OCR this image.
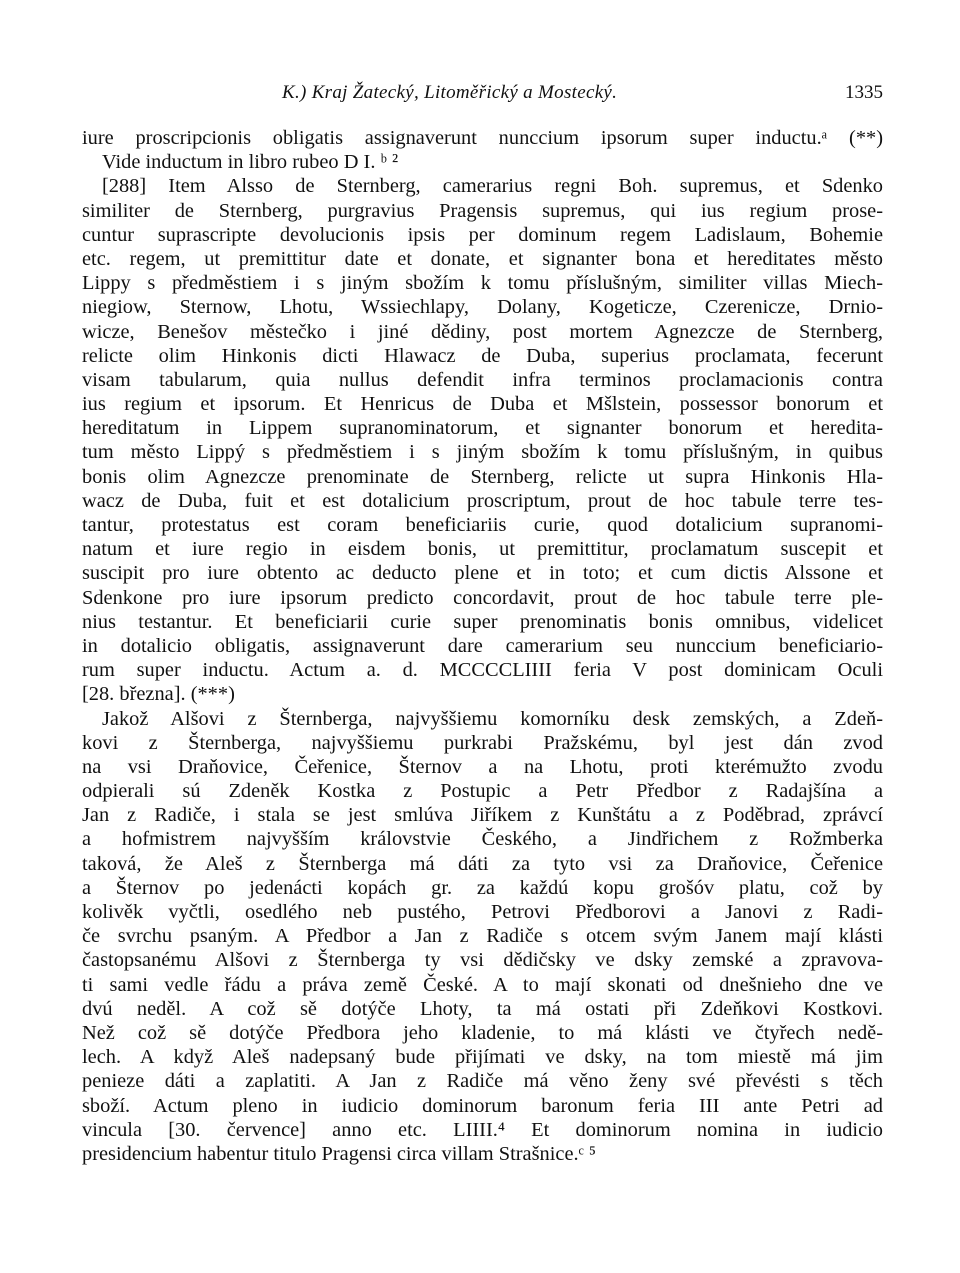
K.) Kraj Žatecký, Litoměřický a Mostecký.	1335
iure proscripcionis obligatis assignaverunt nunccium ipsorum super inductu.ᵃ (**)
Vide inductum in libro rubeo D I. ᵇ ²
[288] Item Alsso de Sternberg, camerarius regni Boh. supremus, et Sdenko
similiter de Sternberg, purgravius Pragensis supremus, qui ius regium prose-
cuntur suprascripte devolucionis ipsis per dominum regem Ladislaum, Bohemie
etc. regem, ut premittitur date et donate, et signanter bona et hereditates město
Lippy s předměstiem i s jiným sbožím k tomu příslušným, similiter villas Miech-
niegiow, Sternow, Lhotu, Wssiechlapy, Dolany, Kogeticze, Czerenicze, Drnio-
wicze, Benešov městečko i jiné dědiny, post mortem Agnezcze de Sternberg,
relicte olim Hinkonis dicti Hlawacz de Duba, superius proclamata, fecerunt
visam tabularum, quia nullus defendit infra terminos proclamacionis contra
ius regium et ipsorum. Et Henricus de Duba et Mšlstein, possessor bonorum et
hereditatum in Lippem supranominatorum, et signanter bonorum et heredita-
tum město Lippý s předměstiem i s jiným sbožím k tomu příslušným, in quibus
bonis olim Agnezcze prenominate de Sternberg, relicte ut supra Hinkonis Hla-
wacz de Duba, fuit et est dotalicium proscriptum, prout de hoc tabule terre tes-
tantur, protestatus est coram beneficiariis curie, quod dotalicium supranomi-
natum et iure regio in eisdem bonis, ut premittitur, proclamatum suscepit et
suscipit pro iure obtento ac deducto plene et in toto; et cum dictis Alssone et
Sdenkone pro iure ipsorum predicto concordavit, prout de hoc tabule terre ple-
nius testantur. Et beneficiarii curie super prenominatis bonis omnibus, videlicet
in dotalicio obligatis, assignaverunt dare camerarium seu nunccium beneficiario-
rum super inductu. Actum a. d. MCCCCLIIII feria V post dominicam Oculi
[28. března]. (***)
Jakož Alšovi z Šternberga, najvyššiemu komorníku desk zemských, a Zdeň-
kovi z Šternberga, najvyššiemu purkrabi Pražskému, byl jest dán zvod
na vsi Draňovice, Čeřenice, Šternov a na Lhotu, proti kterémužto zvodu
odpierali sú Zdeněk Kostka z Postupic a Petr Předbor z Radajšína a
Jan z Radiče, i stala se jest smlúva Jiříkem z Kunštátu a z Poděbrad, zprávcí
a hofmistrem najvyšším královstvie Českého, a Jindřichem z Rožmberka
taková, že Aleš z Šternberga má dáti za tyto vsi za Draňovice, Čeřenice
a Šternov po jedenácti kopách gr. za každú kopu grošóv platu, což by
kolivěk vyčtli, osedlého neb pustého, Petrovi Předborovi a Janovi z Radi-
če svrchu psaným. A Předbor a Jan z Radiče s otcem svým Janem mají klásti
častopsanému Alšovi z Šternberga ty vsi dědičsky ve dsky zemské a zpravova-
ti sami vedle řádu a práva země České. A to mají skonati od dnešnieho dne ve
dvú neděl. A což sě dotýče Lhoty, ta má ostati při Zdeňkovi Kostkovi.
Než což sě dotýče Předbora jeho kladenie, to má klásti ve čtyřech nedě-
lech. A když Aleš nadepsaný bude přijímati ve dsky, na tom miestě má jim
penieze dáti a zaplatiti. A Jan z Radiče má věno ženy své převésti s těch
sboží. Actum pleno in iudicio dominorum baronum feria III ante Petri ad
vincula [30. července] anno etc. LIIII.⁴ Et dominorum nomina in iudicio
presidencium habentur titulo Pragensi circa villam Strašnice.ᶜ ⁵
